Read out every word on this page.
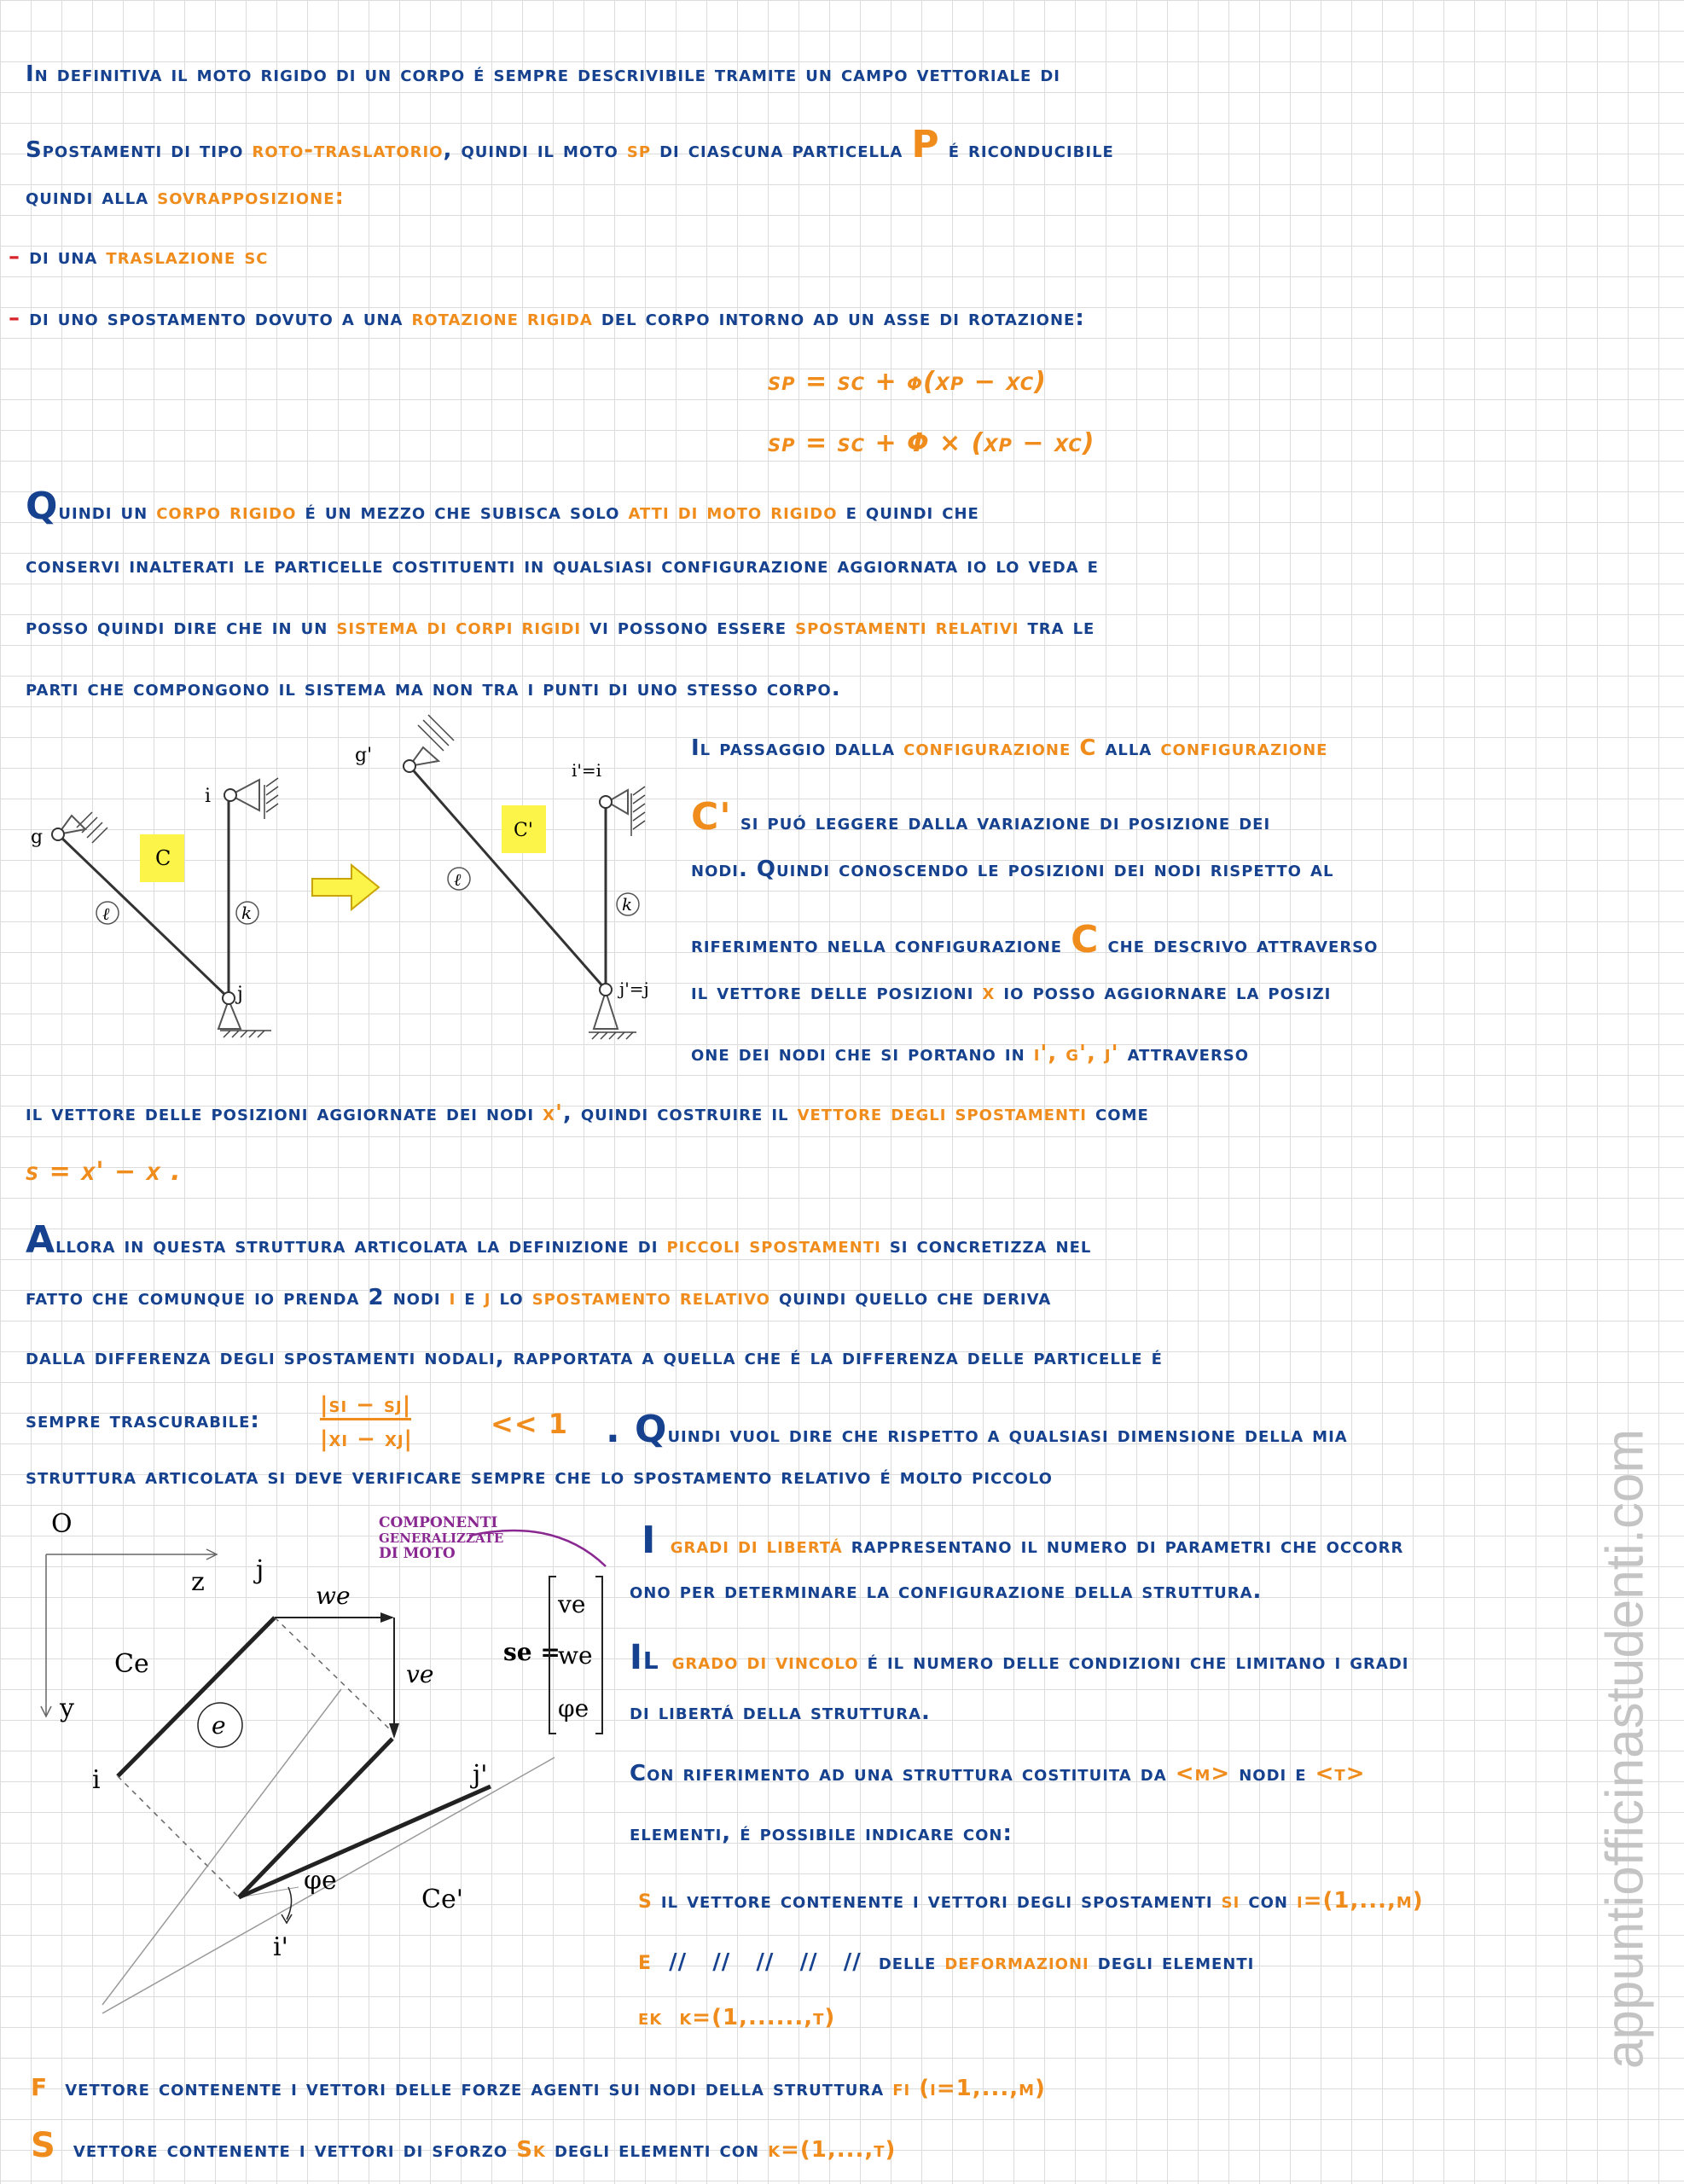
In definitiva il moto rigido di un corpo é sempre descrivibile tramite un campo vettoriale di

Spostamenti di tipo roto-traslatorio, quindi il moto sp di ciascuna particella P é riconducibile

quindi alla sovrapposizione:

– di una traslazione sc

– di uno spostamento dovuto a una rotazione rigida del corpo intorno ad un asse di rotazione:

sp = sc + φ(xp − xc)

sp = sc + Φ × (xp − xc)

Quindi un corpo rigido é un mezzo che subisca solo atti di moto rigido e quindi che

conservi inalterati le particelle costituenti in qualsiasi configurazione aggiornata io lo veda e

posso quindi dire che in un sistema di corpi rigidi vi possono essere spostamenti relativi tra le

parti che compongono il sistema ma non tra i punti di uno stesso corpo.

g
i
j
C
ℓ	k
g'
i'=i
j'=j
C'
ℓ
k

Il passaggio dalla configurazione C alla configurazione

C' si puó leggere dalla variazione di posizione dei

nodi. Quindi conoscendo le posizioni dei nodi rispetto al

riferimento nella configurazione C che descrivo attraverso

il vettore delle posizioni x io posso aggiornare la posizi

one dei nodi che si portano in i', g', j' attraverso

il vettore delle posizioni aggiornate dei nodi x', quindi costruire il vettore degli spostamenti come

s = x' − x .

Allora in questa struttura articolata la definizione di piccoli spostamenti si concretizza nel

fatto che comunque io prenda 2 nodi i e j lo spostamento relativo quindi quello che deriva

dalla differenza degli spostamenti nodali, rapportata a quella che é la differenza delle particelle é

sempre trascurabile:
|si − sj|
|xi − xj|	<< 1 . Quindi vuol dire che rispetto a qualsiasi dimensione della mia

struttura articolata si deve verificare sempre che lo spostamento relativo é molto piccolo

O
z
y
j
we
ve
Ce
e
i	j'
φe
Ce'
i'
se =
ve
we
φe
COMPONENTI
GENERALIZZATE
DI MOTO	I gradi di libertá rappresentano il numero di parametri che occorr

ono per determinare la configurazione della struttura.

Il grado di vincolo é il numero delle condizioni che limitano i gradi

di libertá della struttura.

Con riferimento ad una struttura costituita da <m> nodi e <t>

elementi, é possibile indicare con:

s il vettore contenente i vettori degli spostamenti si con i=(1,...,m)

e  //   //   //   //   //  delle deformazioni degli elementi

ek  k=(1,......,t)

f  vettore contenente i vettori delle forze agenti sui nodi della struttura fi (i=1,...,m)

S  vettore contenente i vettori di sforzo Sk degli elementi con k=(1,...,t)

appuntiofficinastudenti.com
